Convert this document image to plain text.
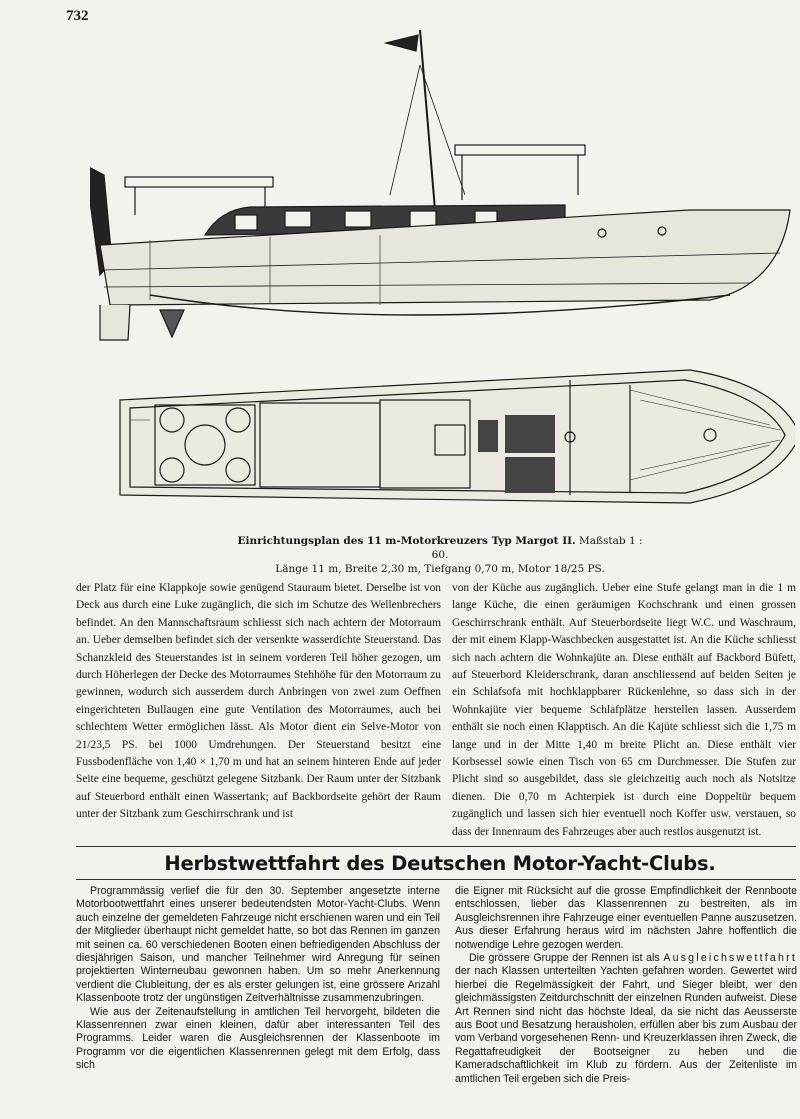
732
Einrichtungsplan des 11 m-Motorkreuzers Typ Margot II. Maßstab 1 : 60.
Länge 11 m, Breite 2,30 m, Tiefgang 0,70 m, Motor 18/25 PS.

der Platz für eine Klappkoje sowie genügend Stauraum bietet. Derselbe ist von Deck aus durch eine Luke zugänglich, die sich im Schutze des Wellenbrechers befindet. An den Mannschaftsraum schliesst sich nach achtern der Motorraum an. Ueber demselben befindet sich der versenkte wasserdichte Steuerstand. Das Schanzkleid des Steuerstandes ist in seinem vorderen Teil höher gezogen, um durch Höherlegen der Decke des Motorraumes Stehhöhe für den Motorraum zu gewinnen, wodurch sich ausserdem durch Anbringen von zwei zum Oeffnen eingerichteten Bullaugen eine gute Ventilation des Motorraumes, auch bei schlechtem Wetter ermöglichen lässt. Als Motor dient ein Selve-Motor von 21/23,5 PS. bei 1000 Umdrehungen. Der Steuerstand besitzt eine Fussbodenfläche von 1,40 × 1,70 m und hat an seinem hinteren Ende auf jeder Seite eine bequeme, geschützt gelegene Sitzbank. Der Raum unter der Sitzbank auf Steuerbord enthält einen Wassertank; auf Backbordseite gehört der Raum unter der Sitzbank zum Geschirrschrank und ist

von der Küche aus zugänglich. Ueber eine Stufe gelangt man in die 1 m lange Küche, die einen geräumigen Kochschrank und einen grossen Geschirrschrank enthält. Auf Steuerbordseite liegt W.C. und Waschraum, der mit einem Klapp-Waschbecken ausgestattet ist. An die Küche schliesst sich nach achtern die Wohnkajüte an. Diese enthält auf Backbord Büfett, auf Steuerbord Kleiderschrank, daran anschliessend auf beiden Seiten je ein Schlafsofa mit hochklappbarer Rückenlehne, so dass sich in der Wohnkajüte vier bequeme Schlafplätze herstellen lassen. Ausserdem enthält sie noch einen Klapptisch. An die Kajüte schliesst sich die 1,75 m lange und in der Mitte 1,40 m breite Plicht an. Diese enthält vier Korbsessel sowie einen Tisch von 65 cm Durchmesser. Die Stufen zur Plicht sind so ausgebildet, dass sie gleichzeitig auch noch als Notsitze dienen. Die 0,70 m Achterpiek ist durch eine Doppeltür bequem zugänglich und lassen sich hier eventuell noch Koffer usw. verstauen, so dass der Innenraum des Fahrzeuges aber auch restlos ausgenutzt ist.

Herbstwettfahrt des Deutschen Motor-Yacht-Clubs.

Programmässig verlief die für den 30. September angesetzte interne Motorbootwettfahrt eines unserer bedeutendsten Motor-Yacht-Clubs. Wenn auch einzelne der gemeldeten Fahrzeuge nicht erschienen waren und ein Teil der Mitglieder überhaupt nicht gemeldet hatte, so bot das Rennen im ganzen mit seinen ca. 60 verschiedenen Booten einen befriedigenden Abschluss der diesjährigen Saison, und mancher Teilnehmer wird Anregung für seinen projektierten Winterneubau gewonnen haben. Um so mehr Anerkennung verdient die Clubleitung, der es als erster gelungen ist, eine grössere Anzahl Klassenboote trotz der ungünstigen Zeitverhältnisse zusammenzubringen.

Wie aus der Zeitenaufstellung in amtlichen Teil hervorgeht, bildeten die Klassenrennen zwar einen kleinen, dafür aber interessanten Teil des Programms. Leider waren die Ausgleichsrennen der Klassenboote im Programm vor die eigentlichen Klassenrennen gelegt mit dem Erfolg, dass sich

die Eigner mit Rücksicht auf die grosse Empfindlichkeit der Rennboote entschlossen, lieber das Klassenrennen zu bestreiten, als im Ausgleichsrennen ihre Fahrzeuge einer eventuellen Panne auszusetzen. Aus dieser Erfahrung heraus wird im nächsten Jahre hoffentlich die notwendige Lehre gezogen werden.

Die grössere Gruppe der Rennen ist als Ausgleichswettfahrt der nach Klassen unterteilten Yachten gefahren worden. Gewertet wird hierbei die Regelmässigkeit der Fahrt, und Sieger bleibt, wer den gleichmässigsten Zeitdurchschnitt der einzelnen Runden aufweist. Diese Art Rennen sind nicht das höchste Ideal, da sie nicht das Aeusserste aus Boot und Besatzung herausholen, erfüllen aber bis zum Ausbau der vom Verband vorgesehenen Renn- und Kreuzerklassen ihren Zweck, die Regattafreudigkeit der Bootseigner zu heben und die Kameradschaftlichkeit im Klub zu fördern. Aus der Zeitenliste im amtlichen Teil ergeben sich die Preis-
